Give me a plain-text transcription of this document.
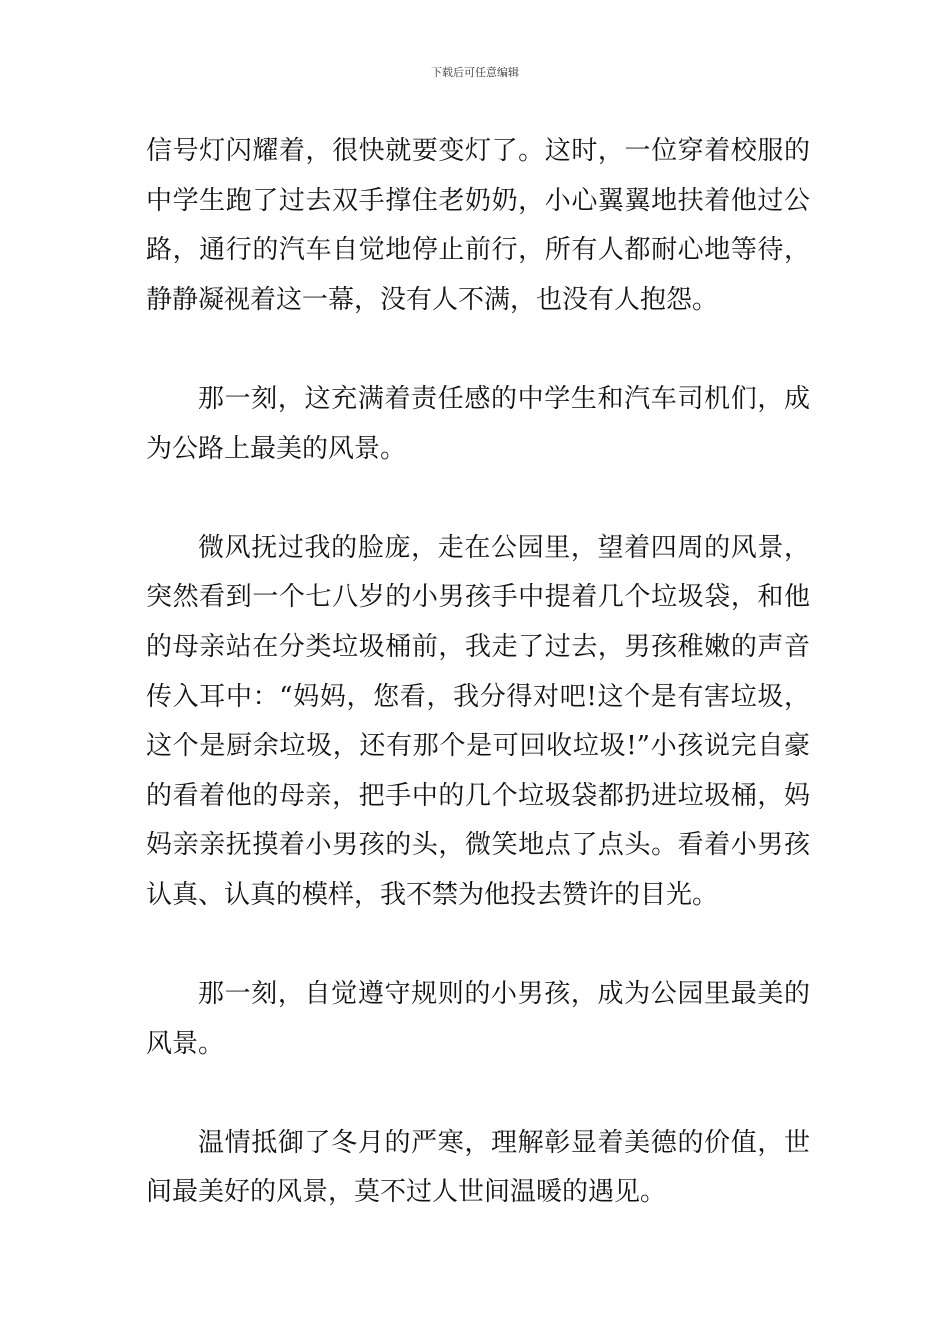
下载后可任意编辑

信号灯闪耀着，很快就要变灯了。这时，一位穿着校服的中学生跑了过去双手撑住老奶奶，小心翼翼地扶着他过公路，通行的汽车自觉地停止前行，所有人都耐心地等待，静静凝视着这一幕，没有人不满，也没有人抱怨。

那一刻，这充满着责任感的中学生和汽车司机们，成为公路上最美的风景。

微风抚过我的脸庞，走在公园里，望着四周的风景，突然看到一个七八岁的小男孩手中提着几个垃圾袋，和他的母亲站在分类垃圾桶前，我走了过去，男孩稚嫩的声音传入耳中：“妈妈，您看，我分得对吧!这个是有害垃圾，这个是厨余垃圾，还有那个是可回收垃圾!”小孩说完自豪的看着他的母亲，把手中的几个垃圾袋都扔进垃圾桶，妈妈亲亲抚摸着小男孩的头，微笑地点了点头。看着小男孩认真、认真的模样，我不禁为他投去赞许的目光。

那一刻，自觉遵守规则的小男孩，成为公园里最美的风景。

温情抵御了冬月的严寒，理解彰显着美德的价值，世间最美好的风景，莫不过人世间温暖的遇见。
